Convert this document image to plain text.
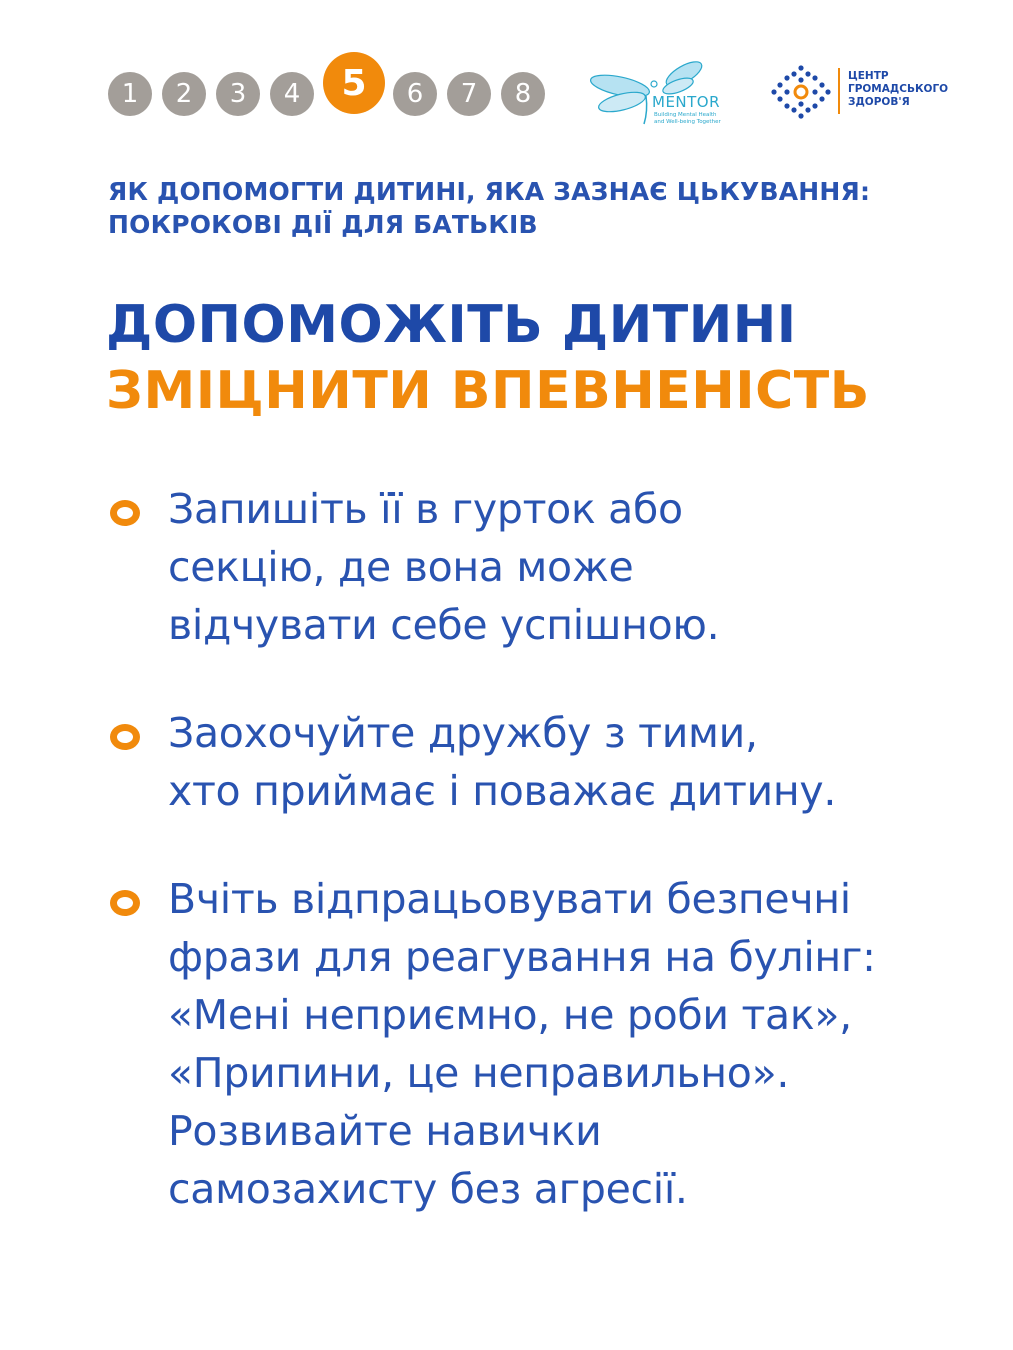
1	2	3	4	5	6	7	8	MENTOR
Building Mental Health
and Well-being Together
ЦЕНТР
ГРОМАДСЬКОГО
ЗДОРОВ'Я
ЯК ДОПОМОГТИ ДИТИНІ, ЯКА ЗАЗНАЄ ЦЬКУВАННЯ:
ПОКРОКОВІ ДІЇ ДЛЯ БАТЬКІВ
ДОПОМОЖІТЬ ДИТИНІ
ЗМІЦНИТИ ВПЕВНЕНІСТЬ
Запишіть її в гурток або
секцію, де вона може
відчувати себе успішною.
Заохочуйте дружбу з тими,
хто приймає і поважає дитину.
Вчіть відпрацьовувати безпечні
фрази для реагування на булінг:
«Мені неприємно, не роби так»,
«Припини, це неправильно».
Розвивайте навички
самозахисту без агресії.
